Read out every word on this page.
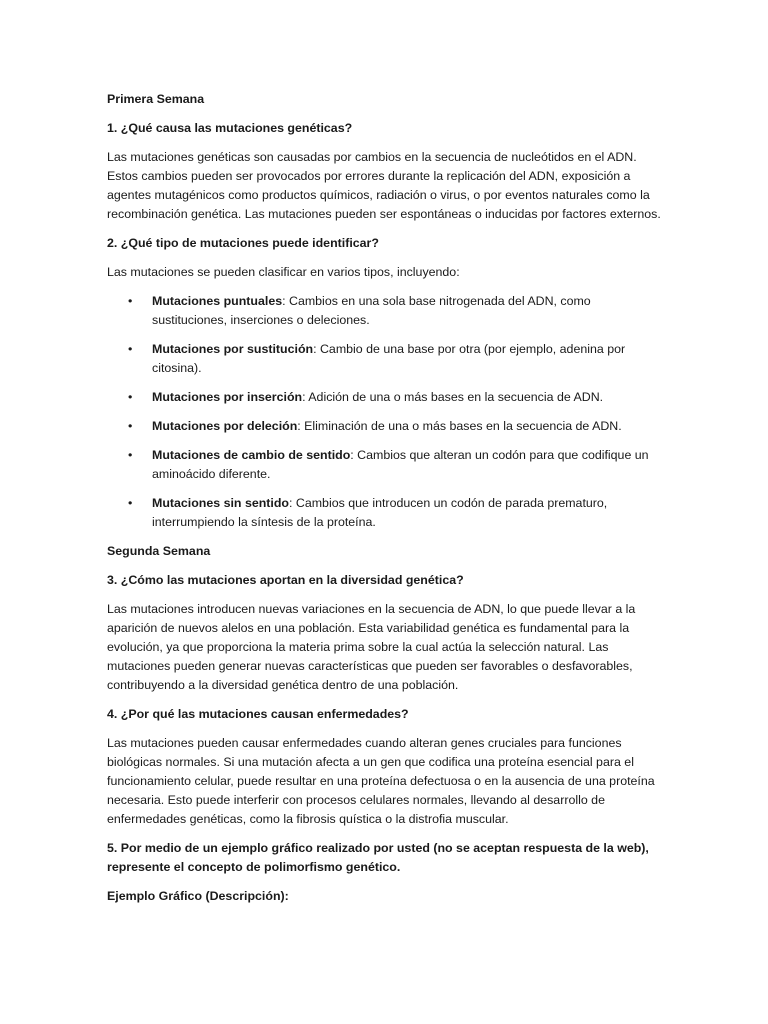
Primera Semana

1. ¿Qué causa las mutaciones genéticas?

Las mutaciones genéticas son causadas por cambios en la secuencia de nucleótidos en el ADN. Estos cambios pueden ser provocados por errores durante la replicación del ADN, exposición a agentes mutagénicos como productos químicos, radiación o virus, o por eventos naturales como la recombinación genética. Las mutaciones pueden ser espontáneas o inducidas por factores externos.

2. ¿Qué tipo de mutaciones puede identificar?

Las mutaciones se pueden clasificar en varios tipos, incluyendo:

• Mutaciones puntuales: Cambios en una sola base nitrogenada del ADN, como sustituciones, inserciones o deleciones.
• Mutaciones por sustitución: Cambio de una base por otra (por ejemplo, adenina por citosina).
• Mutaciones por inserción: Adición de una o más bases en la secuencia de ADN.
• Mutaciones por deleción: Eliminación de una o más bases en la secuencia de ADN.
• Mutaciones de cambio de sentido: Cambios que alteran un codón para que codifique un aminoácido diferente.
• Mutaciones sin sentido: Cambios que introducen un codón de parada prematuro, interrumpiendo la síntesis de la proteína.

Segunda Semana

3. ¿Cómo las mutaciones aportan en la diversidad genética?

Las mutaciones introducen nuevas variaciones en la secuencia de ADN, lo que puede llevar a la aparición de nuevos alelos en una población. Esta variabilidad genética es fundamental para la evolución, ya que proporciona la materia prima sobre la cual actúa la selección natural. Las mutaciones pueden generar nuevas características que pueden ser favorables o desfavorables, contribuyendo a la diversidad genética dentro de una población.

4. ¿Por qué las mutaciones causan enfermedades?

Las mutaciones pueden causar enfermedades cuando alteran genes cruciales para funciones biológicas normales. Si una mutación afecta a un gen que codifica una proteína esencial para el funcionamiento celular, puede resultar en una proteína defectuosa o en la ausencia de una proteína necesaria. Esto puede interferir con procesos celulares normales, llevando al desarrollo de enfermedades genéticas, como la fibrosis quística o la distrofia muscular.

5. Por medio de un ejemplo gráfico realizado por usted (no se aceptan respuesta de la web), represente el concepto de polimorfismo genético.

Ejemplo Gráfico (Descripción):
